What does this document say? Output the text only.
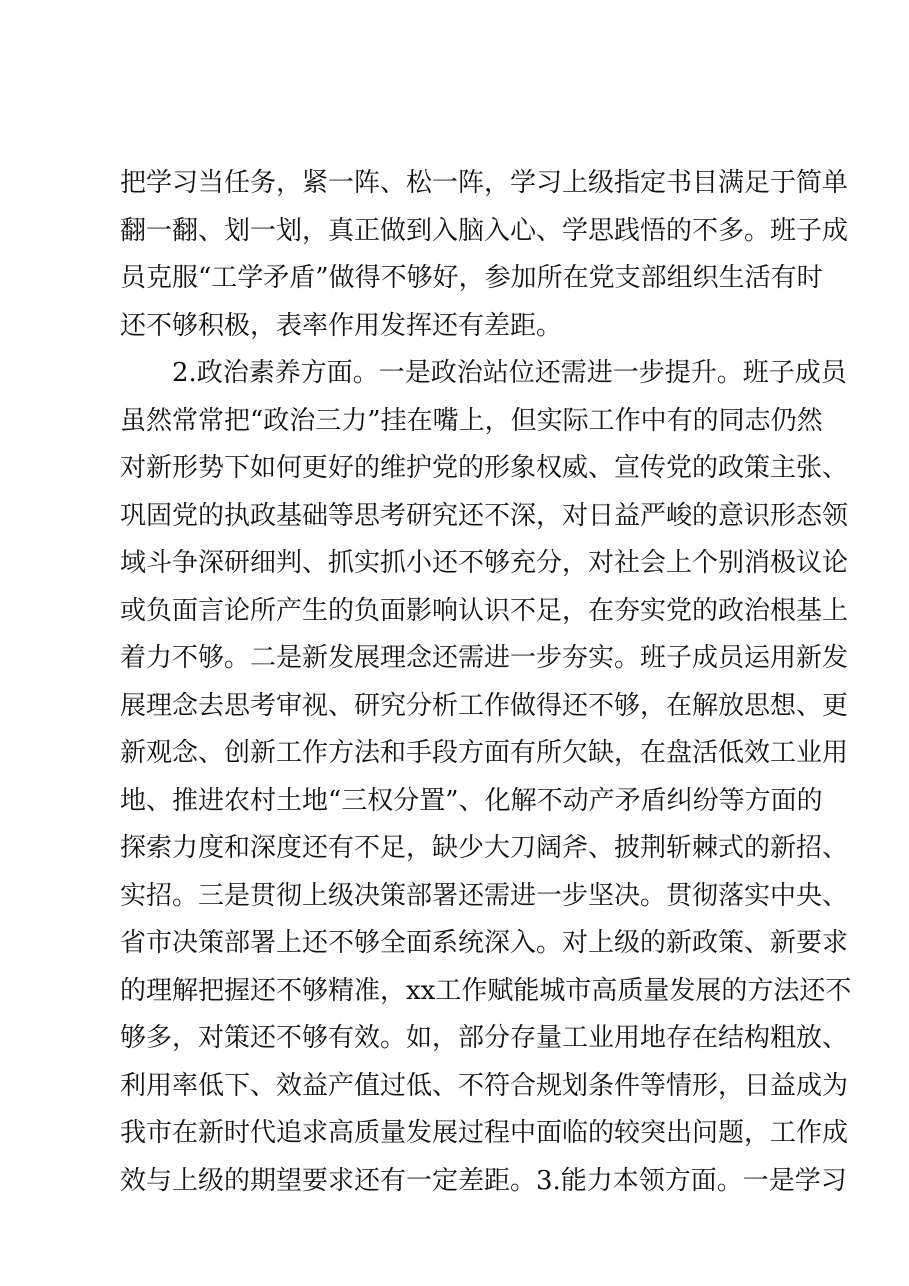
把学习当任务，紧一阵、松一阵，学习上级指定书目满足于简单
翻一翻、划一划，真正做到入脑入心、学思践悟的不多。班子成
员克服“工学矛盾”做得不够好，参加所在党支部组织生活有时
还不够积极，表率作用发挥还有差距。
2.政治素养方面。一是政治站位还需进一步提升。班子成员
虽然常常把“政治三力”挂在嘴上，但实际工作中有的同志仍然
对新形势下如何更好的维护党的形象权威、宣传党的政策主张、
巩固党的执政基础等思考研究还不深，对日益严峻的意识形态领
域斗争深研细判、抓实抓小还不够充分，对社会上个别消极议论
或负面言论所产生的负面影响认识不足，在夯实党的政治根基上
着力不够。二是新发展理念还需进一步夯实。班子成员运用新发
展理念去思考审视、研究分析工作做得还不够，在解放思想、更
新观念、创新工作方法和手段方面有所欠缺，在盘活低效工业用
地、推进农村土地“三权分置”、化解不动产矛盾纠纷等方面的
探索力度和深度还有不足，缺少大刀阔斧、披荆斩棘式的新招、
实招。三是贯彻上级决策部署还需进一步坚决。贯彻落实中央、
省市决策部署上还不够全面系统深入。对上级的新政策、新要求
的理解把握还不够精准，xx工作赋能城市高质量发展的方法还不
够多，对策还不够有效。如，部分存量工业用地存在结构粗放、
利用率低下、效益产值过低、不符合规划条件等情形，日益成为
我市在新时代追求高质量发展过程中面临的较突出问题，工作成
效与上级的期望要求还有一定差距。3.能力本领方面。一是学习
